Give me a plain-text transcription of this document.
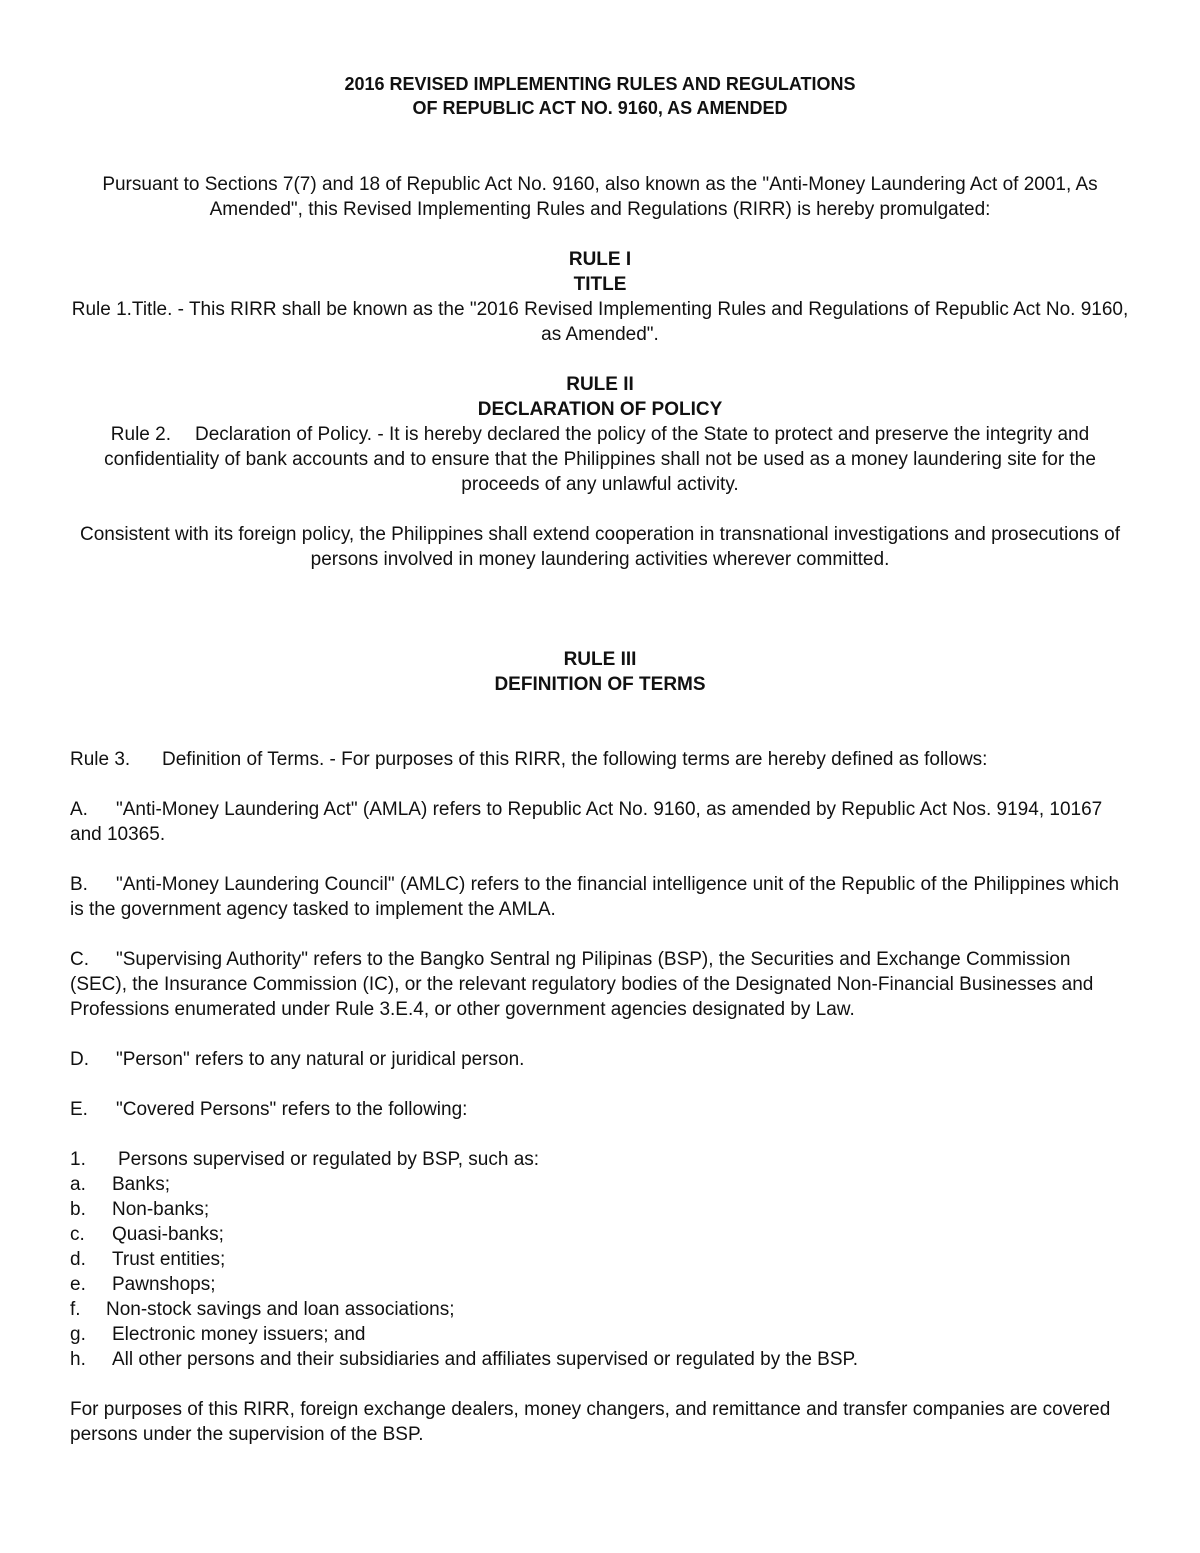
2016 REVISED IMPLEMENTING RULES AND REGULATIONS

OF REPUBLIC ACT NO. 9160, AS AMENDED

Pursuant to Sections 7(7) and 18 of Republic Act No. 9160, also known as the "Anti-Money Laundering Act of 2001, As Amended", this Revised Implementing Rules and Regulations (RIRR) is hereby promulgated:

RULE I

TITLE

Rule 1.Title. - This RIRR shall be known as the "2016 Revised Implementing Rules and Regulations of Republic Act No. 9160, as Amended".

RULE II

DECLARATION OF POLICY

Rule 2. Declaration of Policy. - It is hereby declared the policy of the State to protect and preserve the integrity and confidentiality of bank accounts and to ensure that the Philippines shall not be used as a money laundering site for the proceeds of any unlawful activity.

Consistent with its foreign policy, the Philippines shall extend cooperation in transnational investigations and prosecutions of persons involved in money laundering activities wherever committed.

RULE III

DEFINITION OF TERMS

Rule 3. Definition of Terms. - For purposes of this RIRR, the following terms are hereby defined as follows:

A. "Anti-Money Laundering Act" (AMLA) refers to Republic Act No. 9160, as amended by Republic Act Nos. 9194, 10167 and 10365.

B. "Anti-Money Laundering Council" (AMLC) refers to the financial intelligence unit of the Republic of the Philippines which is the government agency tasked to implement the AMLA.

C. "Supervising Authority" refers to the Bangko Sentral ng Pilipinas (BSP), the Securities and Exchange Commission (SEC), the Insurance Commission (IC), or the relevant regulatory bodies of the Designated Non-Financial Businesses and Professions enumerated under Rule 3.E.4, or other government agencies designated by Law.

D. "Person" refers to any natural or juridical person.

E. "Covered Persons" refers to the following:

1. Persons supervised or regulated by BSP, such as:

a. Banks;
b. Non-banks;
c. Quasi-banks;
d. Trust entities;
e. Pawnshops;
f. Non-stock savings and loan associations;
g. Electronic money issuers; and
h. All other persons and their subsidiaries and affiliates supervised or regulated by the BSP.

For purposes of this RIRR, foreign exchange dealers, money changers, and remittance and transfer companies are covered persons under the supervision of the BSP.
